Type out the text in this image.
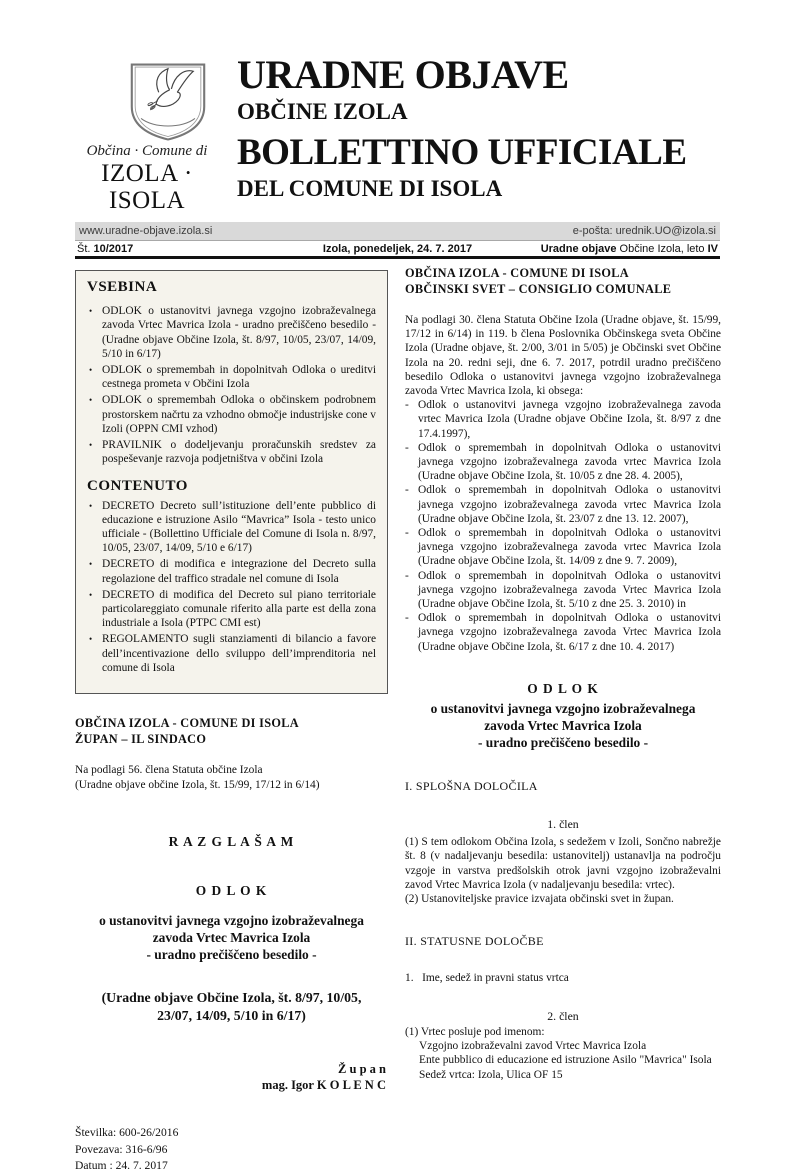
Občina · Comune di
IZOLA · ISOLA
URADNE OBJAVE
OBČINE IZOLA
BOLLETTINO UFFICIALE
DEL COMUNE DI ISOLA
www.uradne-objave.izola.si	e-pošta: urednik.UO@izola.si
Št. 10/2017	Izola, ponedeljek, 24. 7. 2017	Uradne objave Občine Izola, leto IV
VSEBINA
• ODLOK o ustanovitvi javnega vzgojno izobraževalnega zavoda Vrtec Mavrica Izola - uradno prečiščeno besedilo - (Uradne objave Občine Izola, št. 8/97, 10/05, 23/07, 14/09, 5/10 in 6/17)
• ODLOK o spremembah in dopolnitvah Odloka o ureditvi cestnega prometa v Občini Izola
• ODLOK o spremembah Odloka o občinskem podrobnem prostorskem načrtu za vzhodno območje industrijske cone v Izoli (OPPN CMI vzhod)
• PRAVILNIK o dodeljevanju proračunskih sredstev za pospeševanje razvoja podjetništva v občini Izola
CONTENUTO
• DECRETO Decreto sull’istituzione dell’ente pubblico di educazione e istruzione Asilo “Mavrica” Isola - testo unico ufficiale - (Bollettino Ufficiale del Comune di Isola n. 8/97, 10/05, 23/07, 14/09, 5/10 e 6/17)
• DECRETO di modifica e integrazione del Decreto sulla regolazione del traffico stradale nel comune di Isola
• DECRETO di modifica del Decreto sul piano territoriale particolareggiato comunale riferito alla parte est della zona industriale a Isola (PTPC CMI est)
• REGOLAMENTO sugli stanziamenti di bilancio a favore dell’incentivazione dello sviluppo dell’imprenditoria nel comune di Isola
OBČINA IZOLA - COMUNE DI ISOLA
ŽUPAN – IL SINDACO
Na podlagi 56. člena Statuta občine Izola
(Uradne objave občine Izola, št. 15/99, 17/12 in 6/14)
R A Z G L A Š A M
O D L O K
o ustanovitvi javnega vzgojno izobraževalnega
zavoda Vrtec Mavrica Izola
- uradno prečiščeno besedilo -
(Uradne objave Občine Izola, št. 8/97, 10/05,
23/07, 14/09, 5/10 in 6/17)
Ž u p a n
mag. Igor K O L E N C
Številka: 600-26/2016
Povezava: 316-6/96
Datum : 24. 7. 2017
OBČINA IZOLA - COMUNE DI ISOLA
OBČINSKI SVET – CONSIGLIO COMUNALE
Na podlagi 30. člena Statuta Občine Izola (Uradne objave, št. 15/99, 17/12 in 6/14) in 119. b člena Poslovnika Občinskega sveta Občine Izola (Uradne objave, št. 2/00, 3/01 in 5/05) je Občinski svet Občine Izola na 20. redni seji, dne 6. 7. 2017, potrdil uradno prečiščeno besedilo Odloka o ustanovitvi javnega vzgojno izobraževalnega zavoda Vrtec Mavrica Izola, ki obsega:
- Odlok o ustanovitvi javnega vzgojno izobraževalnega zavoda vrtec Mavrica Izola (Uradne objave Občine Izola, št. 8/97 z dne 17.4.1997),
- Odlok o spremembah in dopolnitvah Odloka o ustanovitvi javnega vzgojno izobraževalnega zavoda vrtec Mavrica Izola (Uradne objave Občine Izola, št. 10/05 z dne 28. 4. 2005),
- Odlok o spremembah in dopolnitvah Odloka o ustanovitvi javnega vzgojno izobraževalnega zavoda vrtec Mavrica Izola (Uradne objave Občine Izola, št. 23/07 z dne 13. 12. 2007),
- Odlok o spremembah in dopolnitvah Odloka o ustanovitvi javnega vzgojno izobraževalnega zavoda vrtec Mavrica Izola (Uradne objave Občine Izola, št. 14/09 z dne 9. 7. 2009),
- Odlok o spremembah in dopolnitvah Odloka o ustanovitvi javnega vzgojno izobraževalnega zavoda Vrtec Mavrica Izola (Uradne objave Občine Izola, št. 5/10 z dne 25. 3. 2010) in
- Odlok o spremembah in dopolnitvah Odloka o ustanovitvi javnega vzgojno izobraževalnega zavoda Vrtec Mavrica Izola (Uradne objave Občine Izola, št. 6/17 z dne 10. 4. 2017)
O D L O K
o ustanovitvi javnega vzgojno izobraževalnega
zavoda Vrtec Mavrica Izola
- uradno prečiščeno besedilo -
I. SPLOŠNA DOLOČILA
1. člen
(1) S tem odlokom Občina Izola, s sedežem v Izoli, Sončno nabrežje št. 8 (v nadaljevanju besedila: ustanovitelj) ustanavlja na področju vzgoje in varstva predšolskih otrok javni vzgojno izobraževalni zavod Vrtec Mavrica Izola (v nadaljevanju besedila: vrtec).
(2) Ustanoviteljske pravice izvajata občinski svet in župan.
II. STATUSNE DOLOČBE
1.   Ime, sedež in pravni status vrtca
2. člen
(1) Vrtec posluje pod imenom:
Vzgojno izobraževalni zavod Vrtec Mavrica Izola
Ente pubblico di educazione ed istruzione Asilo "Mavrica" Isola
Sedež vrtca: Izola, Ulica OF 15
